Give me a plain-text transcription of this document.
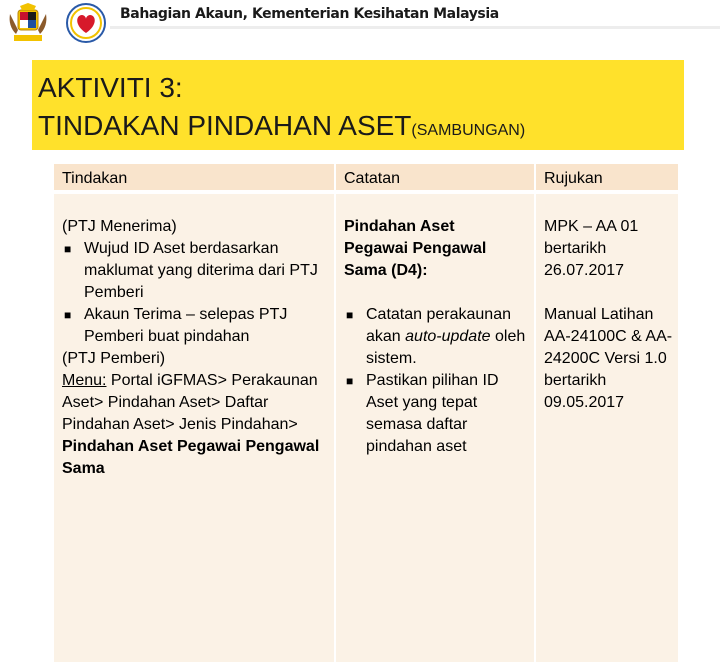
Bahagian Akaun, Kementerian Kesihatan Malaysia
AKTIVITI 3:
TINDAKAN PINDAHAN ASET(SAMBUNGAN)
Tindakan	Catatan	Rujukan
(PTJ Menerima)
■ Wujud ID Aset berdasarkan maklumat yang diterima dari PTJ Pemberi
■ Akaun Terima – selepas PTJ Pemberi buat pindahan
(PTJ Pemberi)
Menu: Portal iGFMAS> Perakaunan Aset> Pindahan Aset> Daftar Pindahan Aset> Jenis Pindahan> Pindahan Aset Pegawai Pengawal Sama
Pindahan Aset Pegawai Pengawal Sama (D4):
■ Catatan perakaunan akan auto-update oleh sistem.
■ Pastikan pilihan ID Aset yang tepat semasa daftar pindahan aset
MPK – AA 01 bertarikh 26.07.2017
Manual Latihan AA-24100C & AA-24200C Versi 1.0 bertarikh 09.05.2017
